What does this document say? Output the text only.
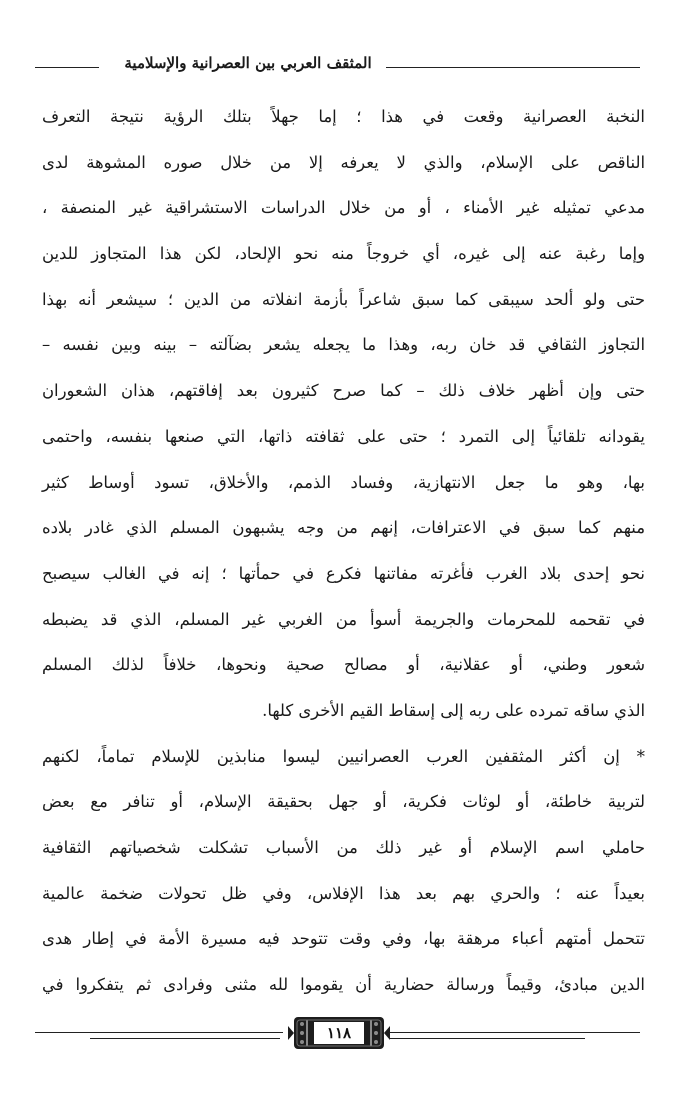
المثقف العربي بين العصرانية والإسلامية
النخبة العصرانية وقعت في هذا ؛ إما جهلاً بتلك الرؤية نتيجة التعرف
الناقص على الإسلام، والذي لا يعرفه إلا من خلال صوره المشوهة لدى
مدعي تمثيله غير الأمناء ، أو من خلال الدراسات الاستشراقية غير المنصفة ،
وإما رغبة عنه إلى غيره، أي خروجاً منه نحو الإلحاد، لكن هذا المتجاوز للدين
حتى ولو ألحد سيبقى كما سبق شاعراً بأزمة انفلاته من الدين ؛ سيشعر أنه بهذا
التجاوز الثقافي قد خان ربه، وهذا ما يجعله يشعر بضآلته – بينه وبين نفسه –
حتى وإن أظهر خلاف ذلك – كما صرح كثيرون بعد إفاقتهم، هذان الشعوران
يقودانه تلقائياً إلى التمرد ؛ حتى على ثقافته ذاتها، التي صنعها بنفسه، واحتمى
بها، وهو ما جعل الانتهازية، وفساد الذمم، والأخلاق، تسود أوساط كثير
منهم كما سبق في الاعترافات، إنهم من وجه يشبهون المسلم الذي غادر بلاده
نحو إحدى بلاد الغرب فأغرته مفاتنها فكرع في حمأتها ؛ إنه في الغالب سيصبح
في تقحمه للمحرمات والجريمة أسوأ من الغربي غير المسلم، الذي قد يضبطه
شعور وطني، أو عقلانية، أو مصالح صحية ونحوها، خلافاً لذلك المسلم
الذي ساقه تمرده على ربه إلى إسقاط القيم الأخرى كلها.
* إن أكثر المثقفين العرب العصرانيين ليسوا منابذين للإسلام تماماً، لكنهم
لتربية خاطئة، أو لوثات فكرية، أو جهل بحقيقة الإسلام، أو تنافر مع بعض
حاملي اسم الإسلام أو غير ذلك من الأسباب تشكلت شخصياتهم الثقافية
بعيداً عنه ؛ والحري بهم بعد هذا الإفلاس، وفي ظل تحولات ضخمة عالمية
تتحمل أمتهم أعباء مرهقة بها، وفي وقت تتوحد فيه مسيرة الأمة في إطار هدى
الدين مبادئ، وقيماً ورسالة حضارية أن يقوموا لله مثنى وفرادى ثم يتفكروا في
١١٨
